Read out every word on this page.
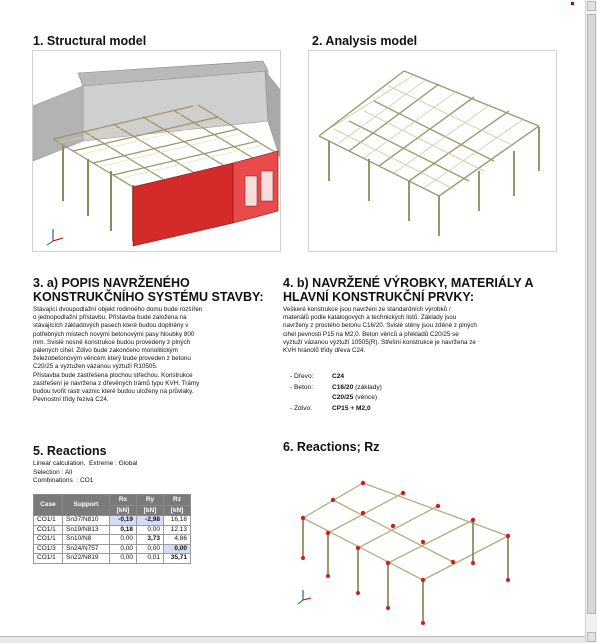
1. Structural model	2. Analysis model
3. a) POPIS NAVRŽENÉHO
KONSTRUKČNÍHO SYSTÉMU STAVBY:

Stávající dvoupodlažní objekt rodinného domu bude rozšířen

o jednopodlažní přístavbu. Přístavba bude založena na

stávajících základových pasech které budou doplněny v

potřebných místech novými betonovými pasy hloubky 800

mm. Svislé nosné konstrukce budou provedeny z plných

pálených cihel. Zdivo bude zakončeno monolitickým

železobetonovým věncem který bude proveden z betonu

C20/25 a vyztužen vázanou výztuží R10505.

Přístavba bude zastřešena plochou střechou. Konstrukce

zastřešení je navržena z dřevěných trámů typu KVH. Trámy

budou tvořit rastr vaznic které budou uloženy na průvlaky.

Pevnostní třídy řeziva C24.

4. b) NAVRŽENÉ VÝROBKY, MATERIÁLY A
HLAVNÍ KONSTRUKČNÍ PRVKY:

Veškeré konstrukce jsou navrženi ze standardních výrobků /

materiálů podle katalogových a technických listů. Základy jsou

navrženy z prostého betonu C16/20. Svislé stěny jsou zděné z plných

cihel pevnosti P15 na M2,0. Beton věnců a překladů C20/25 se

vyztuží vázanou výztuží 10505(R). Střešní konstrukce je navržena ze

KVH hranolů třídy dřeva C24.

- Dřevo:	C24
- Beton:	C16/20 (základy)
C20/25 (věnce)
- Zdivo:	CP15 + M2,0
5. Reactions
Linear calculation, Extreme : Global
Selection : All
Combinations : CO1
Case	Support	Rx	Ry	Rz
		[kN]	[kN]	[kN]
CO1/1	Sn37/N810	-0,19	-2,98	16,18
CO1/1	Sn19/N813	0,18	0,00	12,13
CO1/1	Sn10/N8	0,00	3,73	4,86
CO1/3	Sn24/N757	0,00	0,00	0,00
CO1/1	Sn22/N819	0,00	0,01	35,71
6. Reactions; Rz
